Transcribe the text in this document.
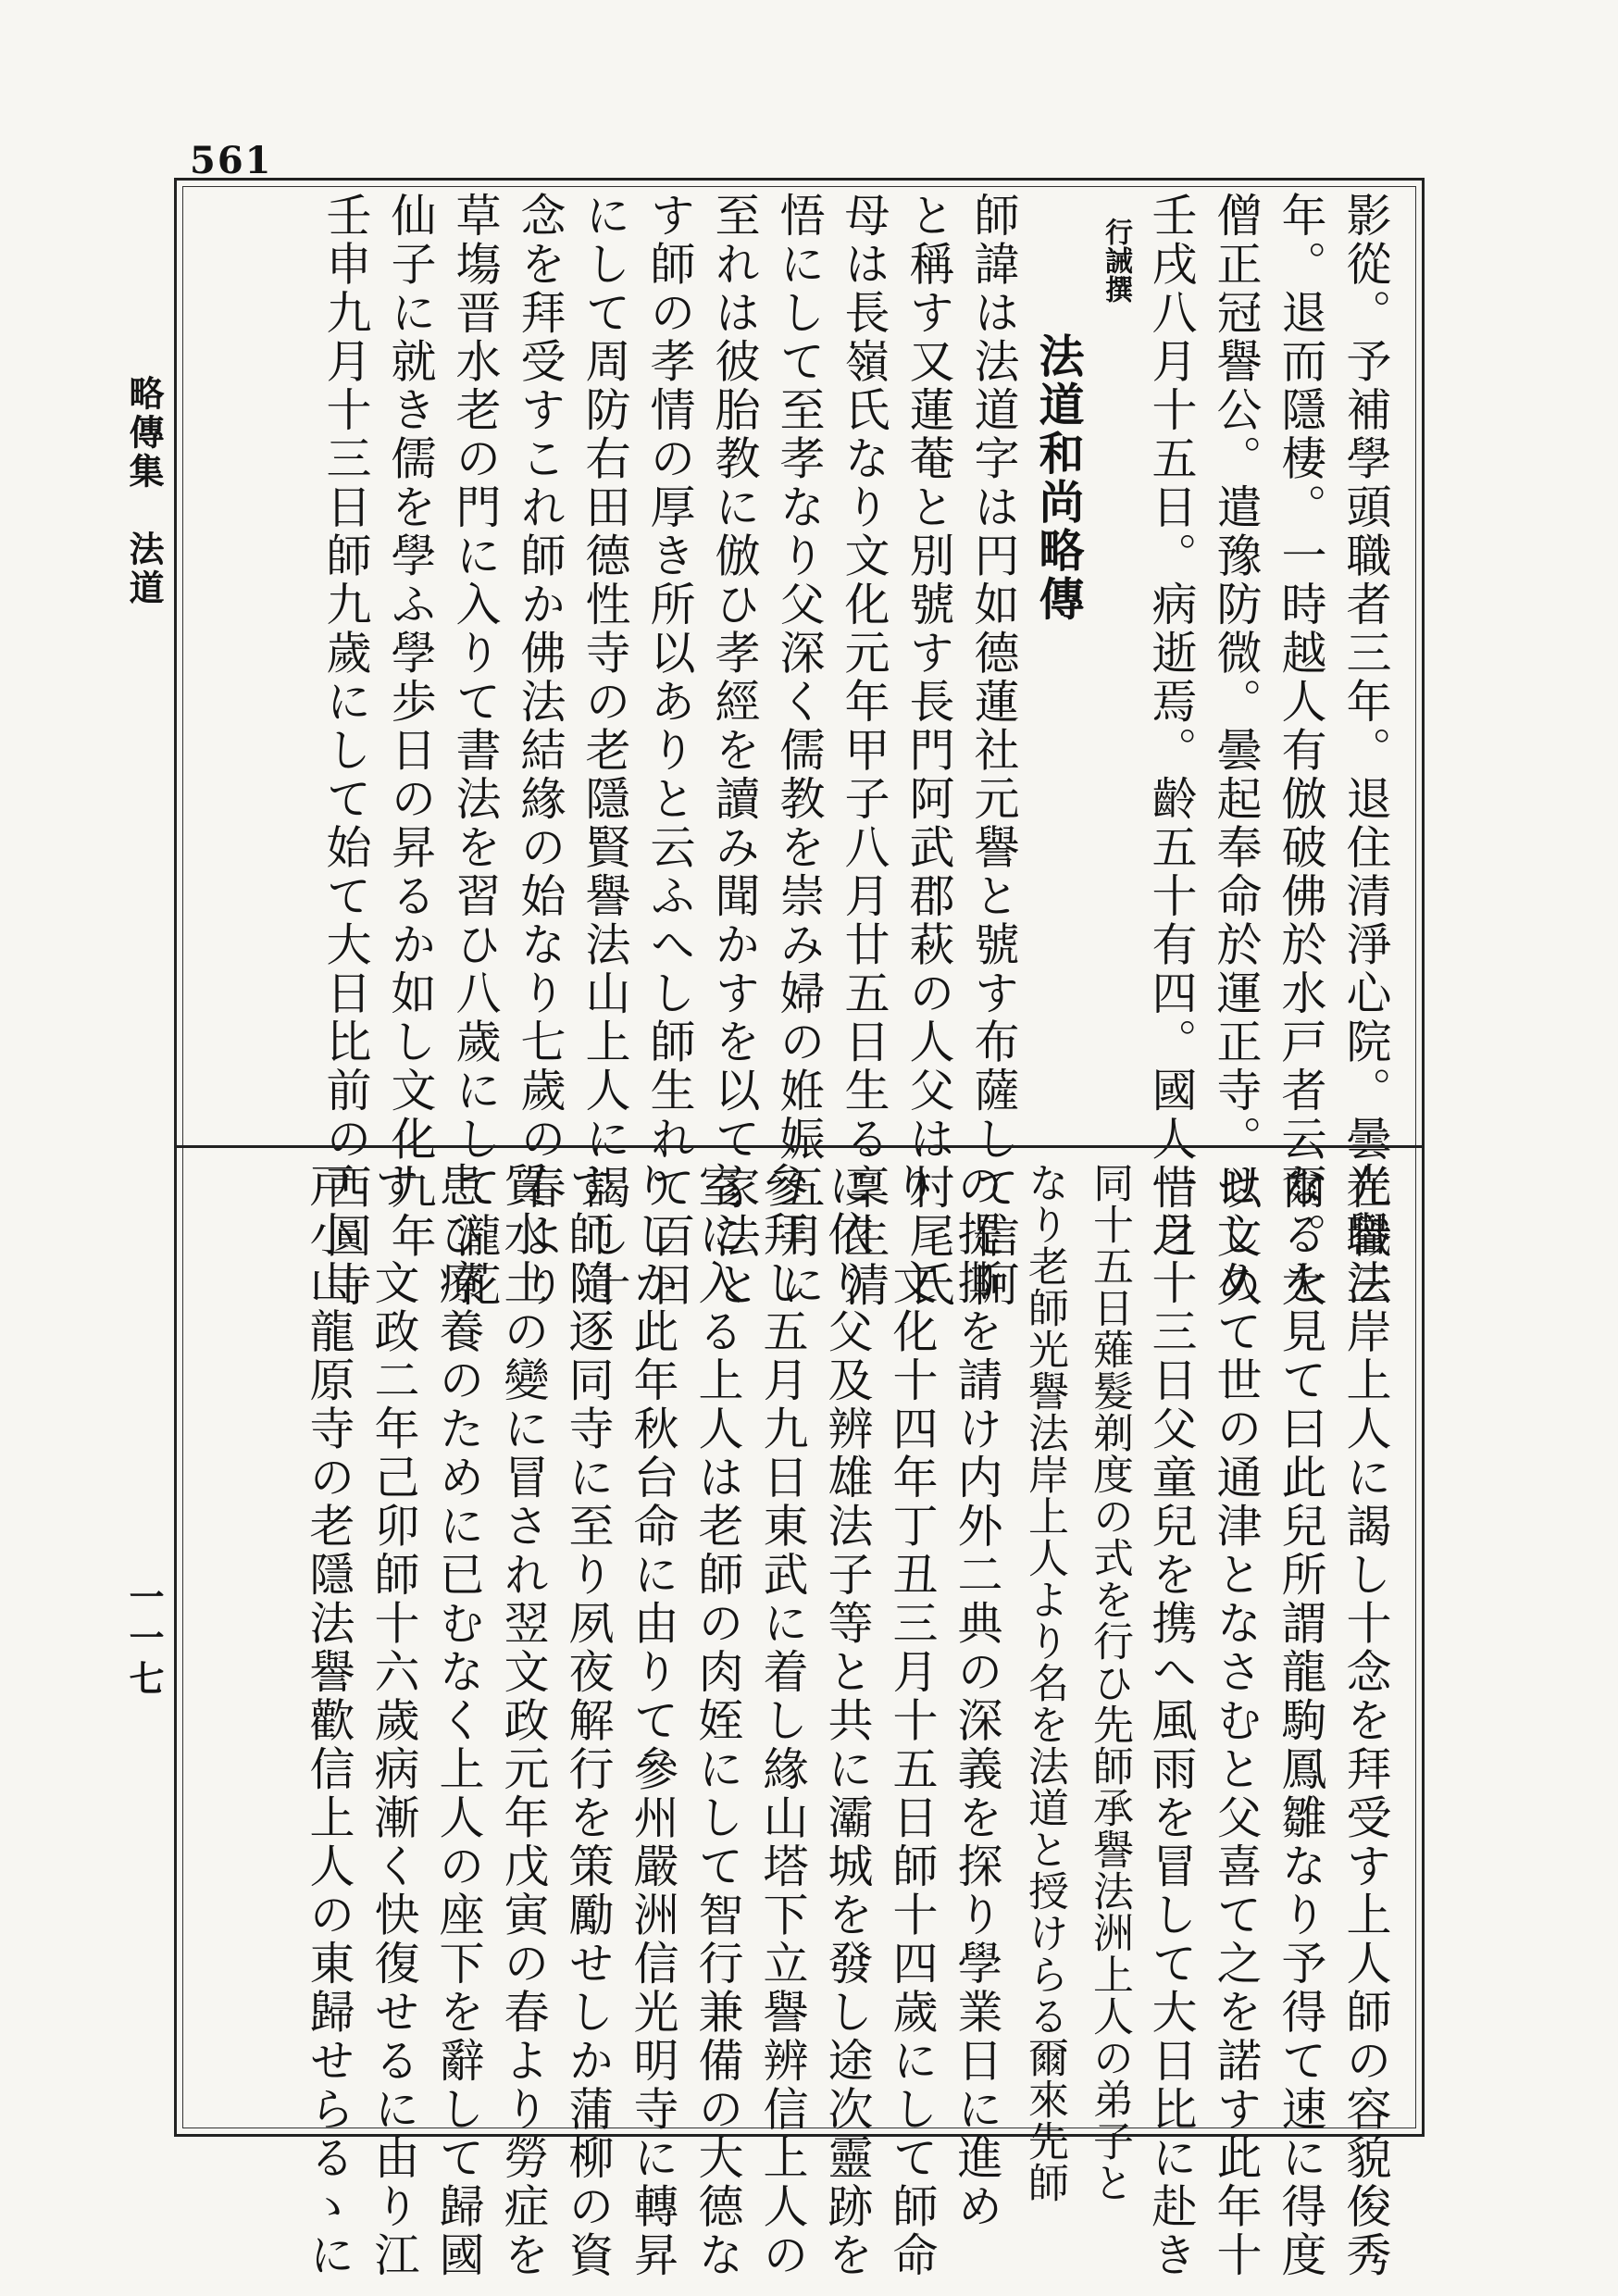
561
略傳集　法道
一一七
影從。予補學頭職者三年。退住清淨心院。曇在職三
年。退而隱棲。一時越人有倣破佛於水戸者云爾。大
僧正冠譽公。遣豫防微。曇起奉命於運正寺。以文久
壬戌八月十五日。病逝焉。齡五十有四。國人惜之
行誡撰
法道和尚略傳
師諱は法道字は円如德蓮社元譽と號す布薩して信阿
と稱す又蓮菴と別號す長門阿武郡萩の人父は村尾氏
母は長嶺氏なり文化元年甲子八月廿五日生る稟生清
悟にして至孝なり父深く儒教を崇み婦の姙娠五月に
至れは彼胎教に倣ひ孝經を讀み聞かすを以て家法と
す師の孝情の厚き所以ありと云ふへし師生れて百日
にして周防右田德性寺の老隱賢譽法山上人に謁し十
念を拜受すこれ師か佛法結緣の始なり七歲の春より
草塲晋水老の門に入りて書法を習ひ八歲にして瀧花
仙子に就き儒を學ふ學歩日の昇るか如し文化九年
壬申九月十三日師九歲にして始て大日比前の西圓寺
光譽法岸上人に謁し十念を拜受す上人師の容貌俊秀
なるを見て曰此兒所謂龍駒鳳雛なり予得て速に得度
せしめて世の通津となさむと父喜て之を諾す此年十
一月十三日父童兒を携へ風雨を冒して大日比に赴き
同十五日薙髮剃度の式を行ひ先師承譽法洲上人の弟子と
なり老師光譽法岸上人より名を法道と授けらる爾來先師
の提撕を請け内外二典の深義を探り學業日に進め
り　文化十四年丁丑三月十五日師十四歲にして師命
に依り父及辨雄法子等と共に灞城を發し途次靈跡を
參拜し五月九日東武に着し緣山塔下立譽辨信上人の
室に入る上人は老師の肉姪にして智行兼備の大德な
りしか此年秋台命に由りて參州嚴洲信光明寺に轉昇
す師隨逐同寺に至り夙夜解行を策勵せしか蒲柳の資
質水土の變に冒され翌文政元年戊寅の春より勞症を
患ひ療養のために已むなく上人の座下を辭して歸國
す　文政二年己卯師十六歲病漸く快復せるに由り江
戸小山龍原寺の老隱法譽歡信上人の東歸せらるゝに
